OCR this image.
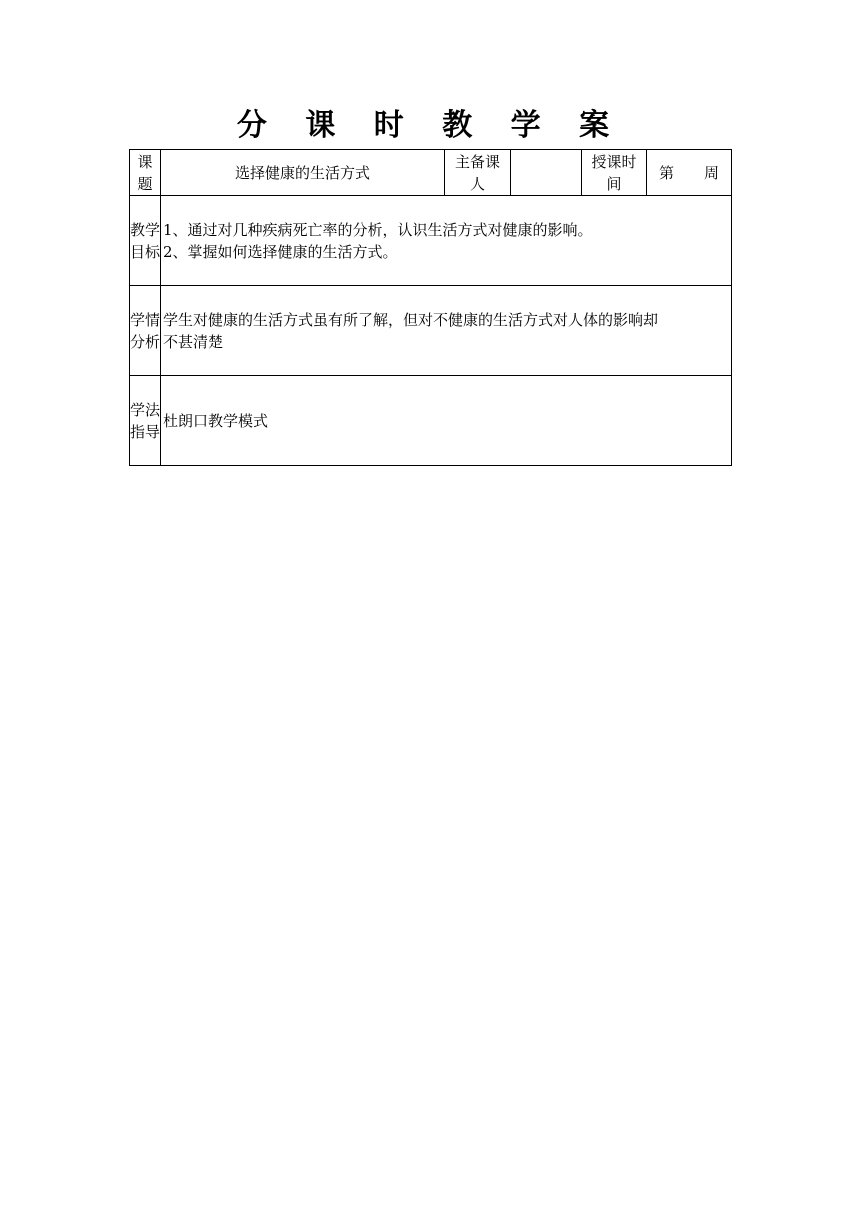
分 课 时 教 学 案
课题	选择健康的生活方式	主备课人		授课时间	第　　周
教学目标	1、通过对几种疾病死亡率的分析，认识生活方式对健康的影响。
2、掌握如何选择健康的生活方式。				

学情分析	学生对健康的生活方式虽有所了解，但对不健康的生活方式对人体的影响却
不甚清楚				

学法指导	杜朗口教学模式				
